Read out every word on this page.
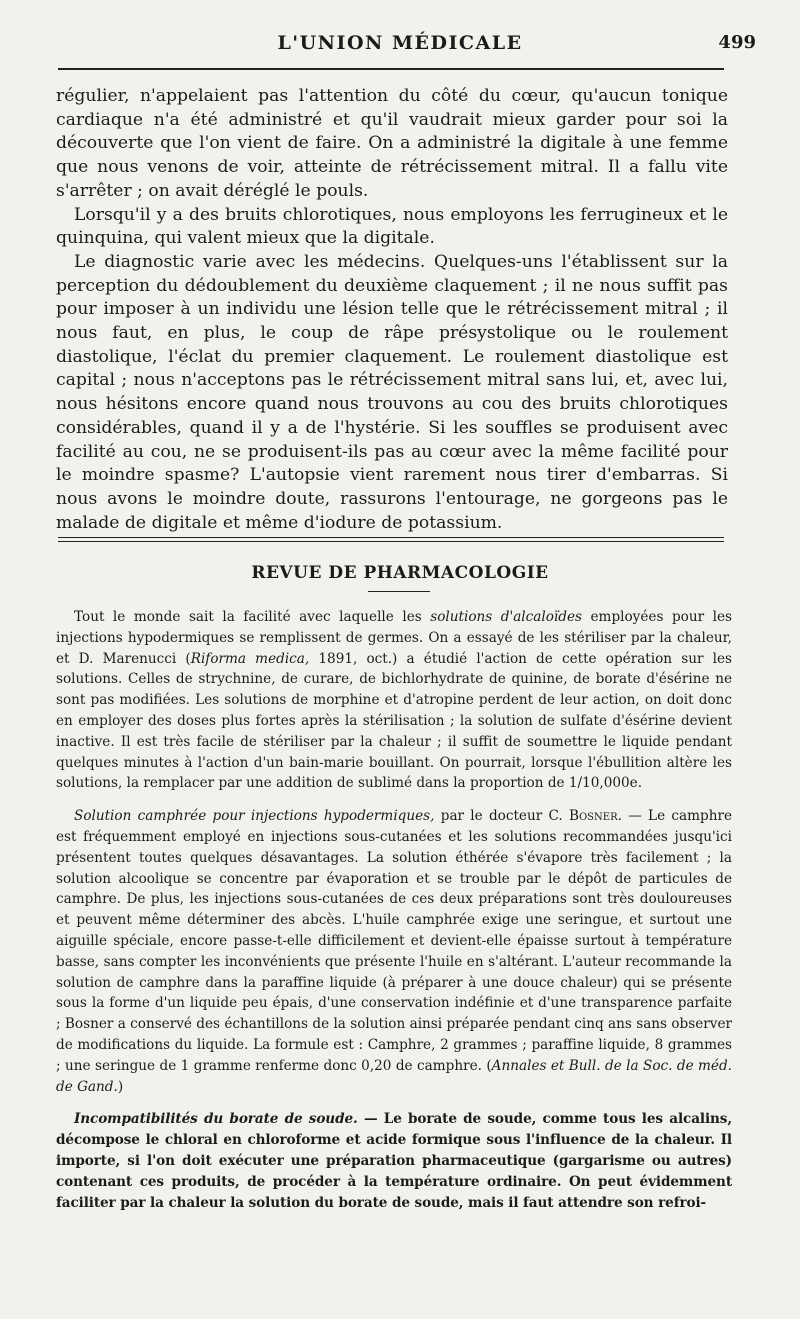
L'UNION MÉDICALE	499

régulier, n'appelaient pas l'attention du côté du cœur, qu'aucun tonique cardiaque n'a été administré et qu'il vaudrait mieux garder pour soi la découverte que l'on vient de faire. On a administré la digitale à une femme que nous venons de voir, atteinte de rétrécissement mitral. Il a fallu vite s'arrêter ; on avait déréglé le pouls.

Lorsqu'il y a des bruits chlorotiques, nous employons les ferrugineux et le quinquina, qui valent mieux que la digitale.

Le diagnostic varie avec les médecins. Quelques-uns l'établissent sur la perception du dédoublement du deuxième claquement ; il ne nous suffit pas pour imposer à un individu une lésion telle que le rétrécissement mitral ; il nous faut, en plus, le coup de râpe présystolique ou le roulement diastolique, l'éclat du premier claquement. Le roulement diastolique est capital ; nous n'acceptons pas le rétrécissement mitral sans lui, et, avec lui, nous hésitons encore quand nous trouvons au cou des bruits chlorotiques considérables, quand il y a de l'hystérie. Si les souffles se produisent avec facilité au cou, ne se produisent-ils pas au cœur avec la même facilité pour le moindre spasme? L'autopsie vient rarement nous tirer d'embarras. Si nous avons le moindre doute, rassurons l'entourage, ne gorgeons pas le malade de digitale et même d'iodure de potassium.

REVUE DE PHARMACOLOGIE

Tout le monde sait la facilité avec laquelle les solutions d'alcaloïdes employées pour les injections hypodermiques se remplissent de germes. On a essayé de les stériliser par la chaleur, et D. Marenucci (Riforma medica, 1891, oct.) a étudié l'action de cette opération sur les solutions. Celles de strychnine, de curare, de bichlorhydrate de quinine, de borate d'ésérine ne sont pas modifiées. Les solutions de morphine et d'atropine perdent de leur action, on doit donc en employer des doses plus fortes après la stérilisation ; la solution de sulfate d'ésérine devient inactive. Il est très facile de stériliser par la chaleur ; il suffit de soumettre le liquide pendant quelques minutes à l'action d'un bain-marie bouillant. On pourrait, lorsque l'ébullition altère les solutions, la remplacer par une addition de sublimé dans la proportion de 1/10,000e.

Solution camphrée pour injections hypodermiques, par le docteur C. Bosner. — Le camphre est fréquemment employé en injections sous-cutanées et les solutions recommandées jusqu'ici présentent toutes quelques désavantages. La solution éthérée s'évapore très facilement ; la solution alcoolique se concentre par évaporation et se trouble par le dépôt de particules de camphre. De plus, les injections sous-cutanées de ces deux préparations sont très douloureuses et peuvent même déterminer des abcès. L'huile camphrée exige une seringue, et surtout une aiguille spéciale, encore passe-t-elle difficilement et devient-elle épaisse surtout à température basse, sans compter les inconvénients que présente l'huile en s'altérant. L'auteur recommande la solution de camphre dans la paraffine liquide (à préparer à une douce chaleur) qui se présente sous la forme d'un liquide peu épais, d'une conservation indéfinie et d'une transparence parfaite ; Bosner a conservé des échantillons de la solution ainsi préparée pendant cinq ans sans observer de modifications du liquide. La formule est : Camphre, 2 grammes ; paraffine liquide, 8 grammes ; une seringue de 1 gramme renferme donc 0,20 de camphre. (Annales et Bull. de la Soc. de méd. de Gand.)

Incompatibilités du borate de soude. — Le borate de soude, comme tous les alcalins, décompose le chloral en chloroforme et acide formique sous l'influence de la chaleur. Il importe, si l'on doit exécuter une préparation pharmaceutique (gargarisme ou autres) contenant ces produits, de procéder à la température ordinaire. On peut évidemment faciliter par la chaleur la solution du borate de soude, mais il faut attendre son refroi-
